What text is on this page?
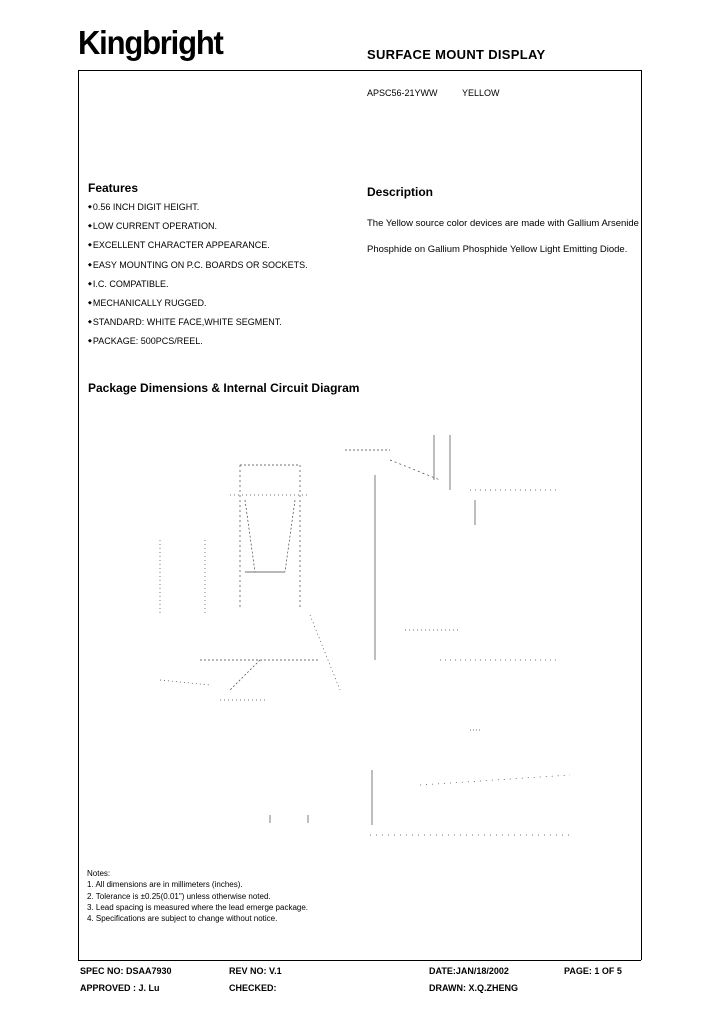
Kingbright	SURFACE MOUNT DISPLAY
APSC56-21YWW	YELLOW
Features
◆ 0.56 INCH DIGIT HEIGHT.
◆ LOW CURRENT OPERATION.
◆ EXCELLENT CHARACTER APPEARANCE.
◆ EASY MOUNTING ON P.C. BOARDS OR SOCKETS.
◆ I.C. COMPATIBLE.
◆ MECHANICALLY RUGGED.
◆ STANDARD: WHITE FACE,WHITE SEGMENT.
◆ PACKAGE: 500PCS/REEL.
Description
The Yellow source color devices are made with Gallium Arsenide Phosphide on Gallium Phosphide Yellow Light Emitting Diode.
Package Dimensions & Internal Circuit Diagram
Notes:
1. All dimensions are in millimeters (inches).
2. Tolerance is ±0.25(0.01") unless otherwise noted.
3. Lead spacing is measured where the lead emerge package.
4. Specifications are subject to change without notice.
SPEC NO: DSAA7930	REV NO: V.1	DATE:JAN/18/2002	PAGE: 1 OF 5
APPROVED : J. Lu	CHECKED:	DRAWN: X.Q.ZHENG
